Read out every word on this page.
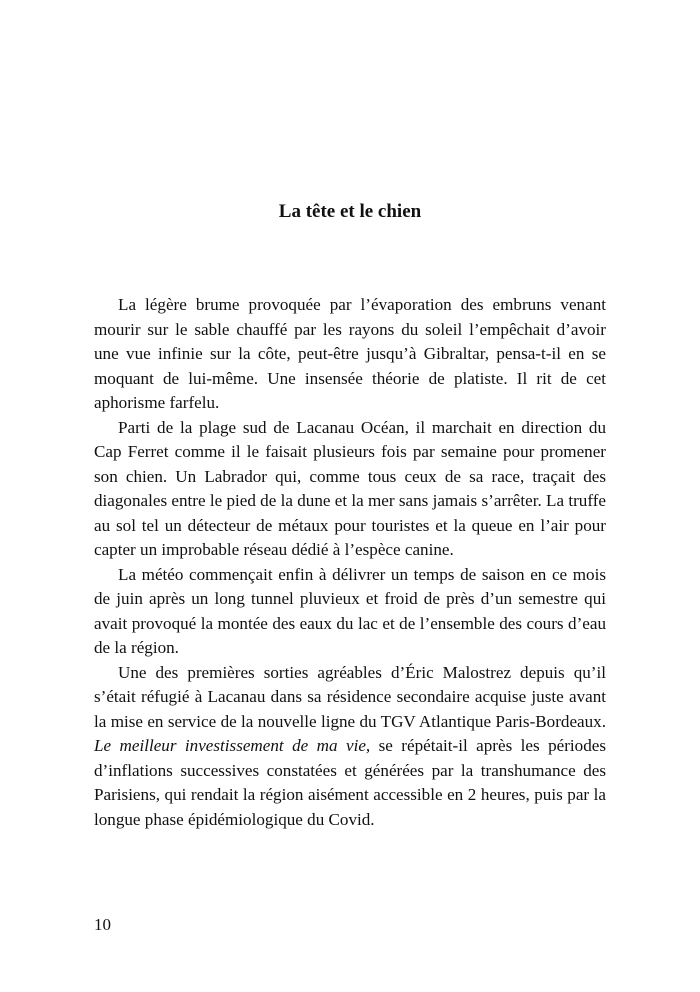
La tête et le chien

La légère brume provoquée par l’évaporation des embruns venant mourir sur le sable chauffé par les rayons du soleil l’empêchait d’avoir une vue infinie sur la côte, peut-être jusqu’à Gibraltar, pensa-t-il en se moquant de lui-même. Une insensée théorie de platiste. Il rit de cet aphorisme farfelu.

Parti de la plage sud de Lacanau Océan, il marchait en direction du Cap Ferret comme il le faisait plusieurs fois par semaine pour promener son chien. Un Labrador qui, comme tous ceux de sa race, traçait des diagonales entre le pied de la dune et la mer sans jamais s’arrêter. La truffe au sol tel un détecteur de métaux pour touristes et la queue en l’air pour capter un improbable réseau dédié à l’espèce canine.

La météo commençait enfin à délivrer un temps de saison en ce mois de juin après un long tunnel pluvieux et froid de près d’un semestre qui avait provoqué la montée des eaux du lac et de l’ensemble des cours d’eau de la région.

Une des premières sorties agréables d’Éric Malostrez depuis qu’il s’était réfugié à Lacanau dans sa résidence secondaire acquise juste avant la mise en service de la nouvelle ligne du TGV Atlantique Paris-Bordeaux. Le meilleur investissement de ma vie, se répétait-il après les périodes d’inflations successives constatées et générées par la transhumance des Parisiens, qui rendait la région aisément accessible en 2 heures, puis par la longue phase épidémiologique du Covid.

10
